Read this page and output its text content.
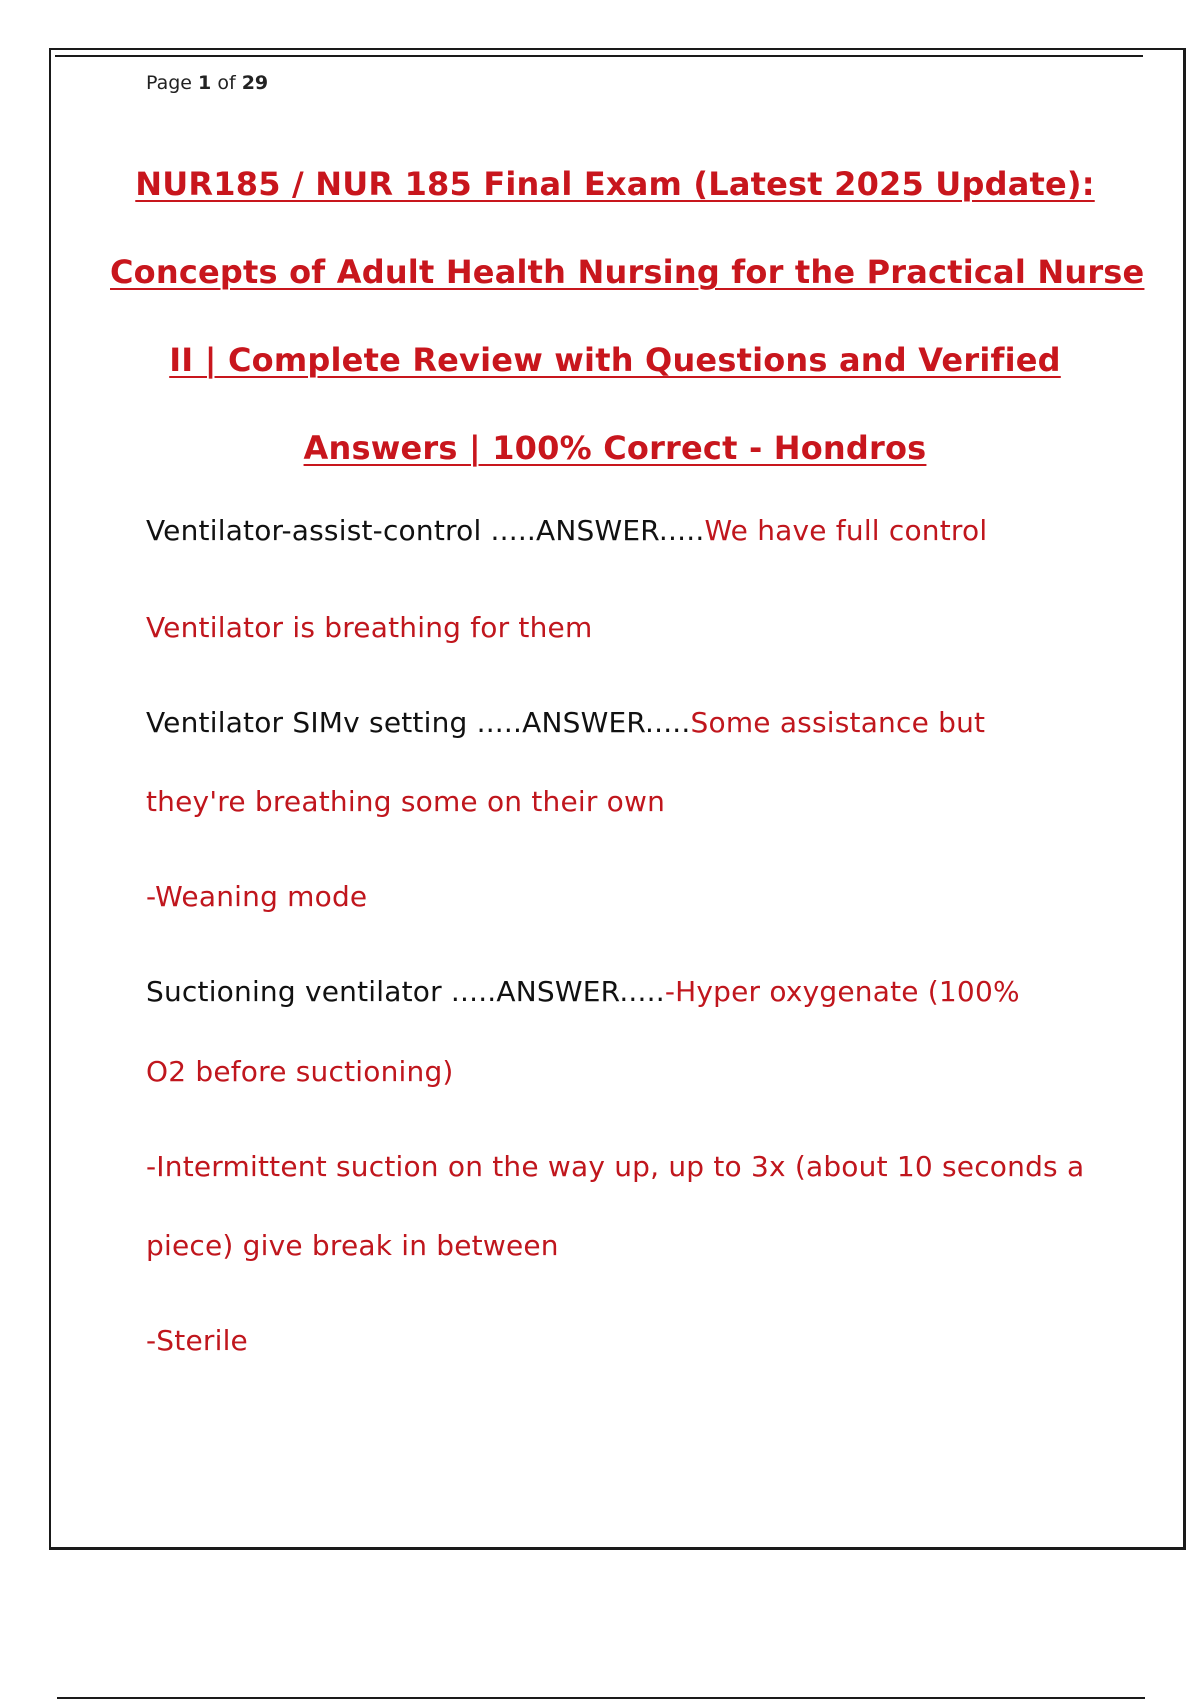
Page 1 of 29
NUR185 / NUR 185 Final Exam (Latest 2025 Update):
Concepts of Adult Health Nursing for the Practical Nurse
II | Complete Review with Questions and Verified
Answers | 100% Correct - Hondros
Ventilator-assist-control .....ANSWER.....We have full control
Ventilator is breathing for them
Ventilator SIMv setting .....ANSWER.....Some assistance but
they're breathing some on their own
-Weaning mode
Suctioning ventilator .....ANSWER.....-Hyper oxygenate (100%
O2 before suctioning)
-Intermittent suction on the way up, up to 3x (about 10 seconds a
piece) give break in between
-Sterile
